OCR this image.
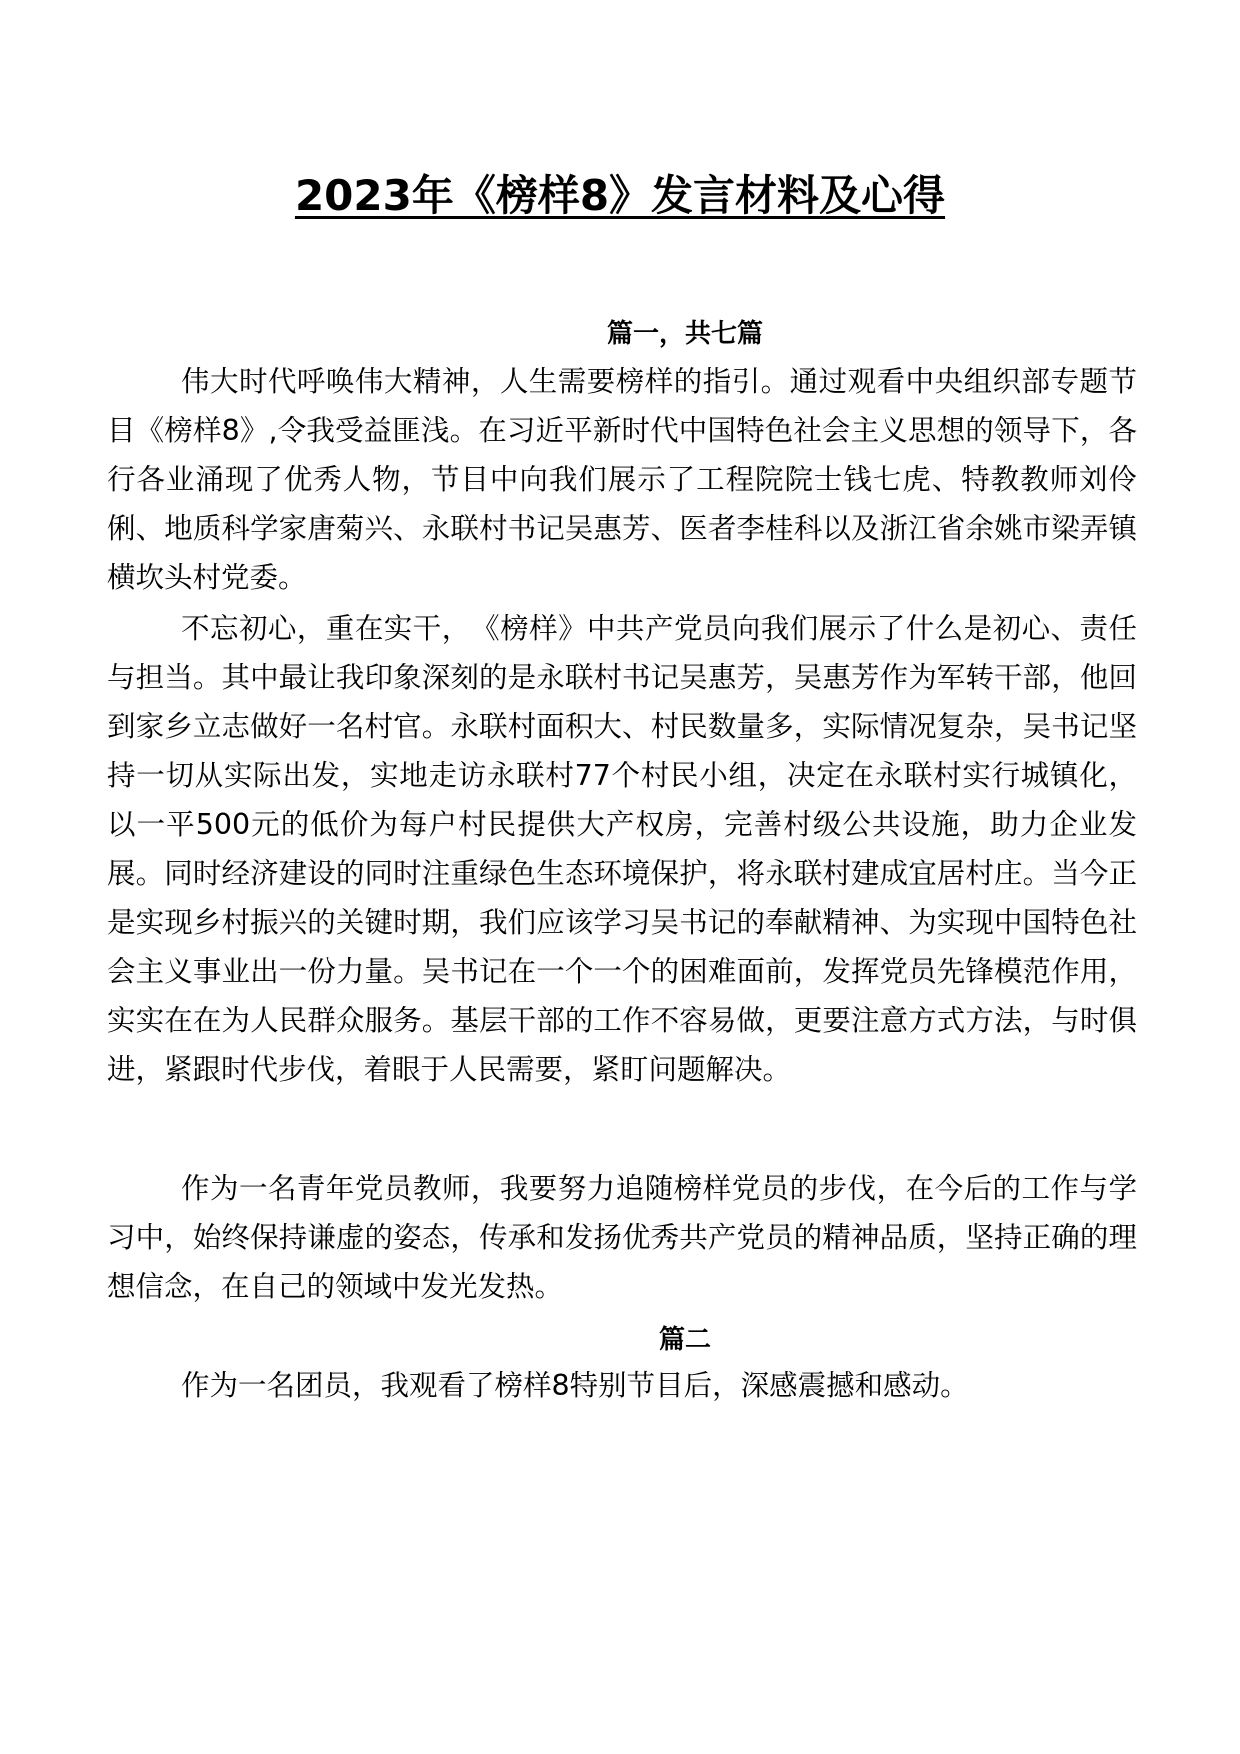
2023年《榜样8》发言材料及心得
篇一，共七篇

伟大时代呼唤伟大精神，人生需要榜样的指引。通过观看中央组织部专题节目《榜样8》,令我受益匪浅。在习近平新时代中国特色社会主义思想的领导下，各行各业涌现了优秀人物，节目中向我们展示了工程院院士钱七虎、特教教师刘伶俐、地质科学家唐菊兴、永联村书记吴惠芳、医者李桂科以及浙江省余姚市梁弄镇横坎头村党委。

不忘初心，重在实干，　《榜样》中共产党员向我们展示了什么是初心、责任与担当。其中最让我印象深刻的是永联村书记吴惠芳，吴惠芳作为军转干部，他回到家乡立志做好一名村官。永联村面积大、村民数量多，实际情况复杂，吴书记坚持一切从实际出发，实地走访永联村77个村民小组，决定在永联村实行城镇化，以一平500元的低价为每户村民提供大产权房，完善村级公共设施，助力企业发展。同时经济建设的同时注重绿色生态环境保护，将永联村建成宜居村庄。当今正是实现乡村振兴的关键时期，我们应该学习吴书记的奉献精神、为实现中国特色社会主义事业出一份力量。吴书记在一个一个的困难面前，发挥党员先锋模范作用，实实在在为人民群众服务。基层干部的工作不容易做，更要注意方式方法，与时俱进，紧跟时代步伐，着眼于人民需要，紧盯问题解决。

作为一名青年党员教师，我要努力追随榜样党员的步伐，在今后的工作与学习中，始终保持谦虚的姿态，传承和发扬优秀共产党员的精神品质，坚持正确的理想信念，在自己的领域中发光发热。

篇二

作为一名团员，我观看了榜样8特别节目后，深感震撼和感动。
